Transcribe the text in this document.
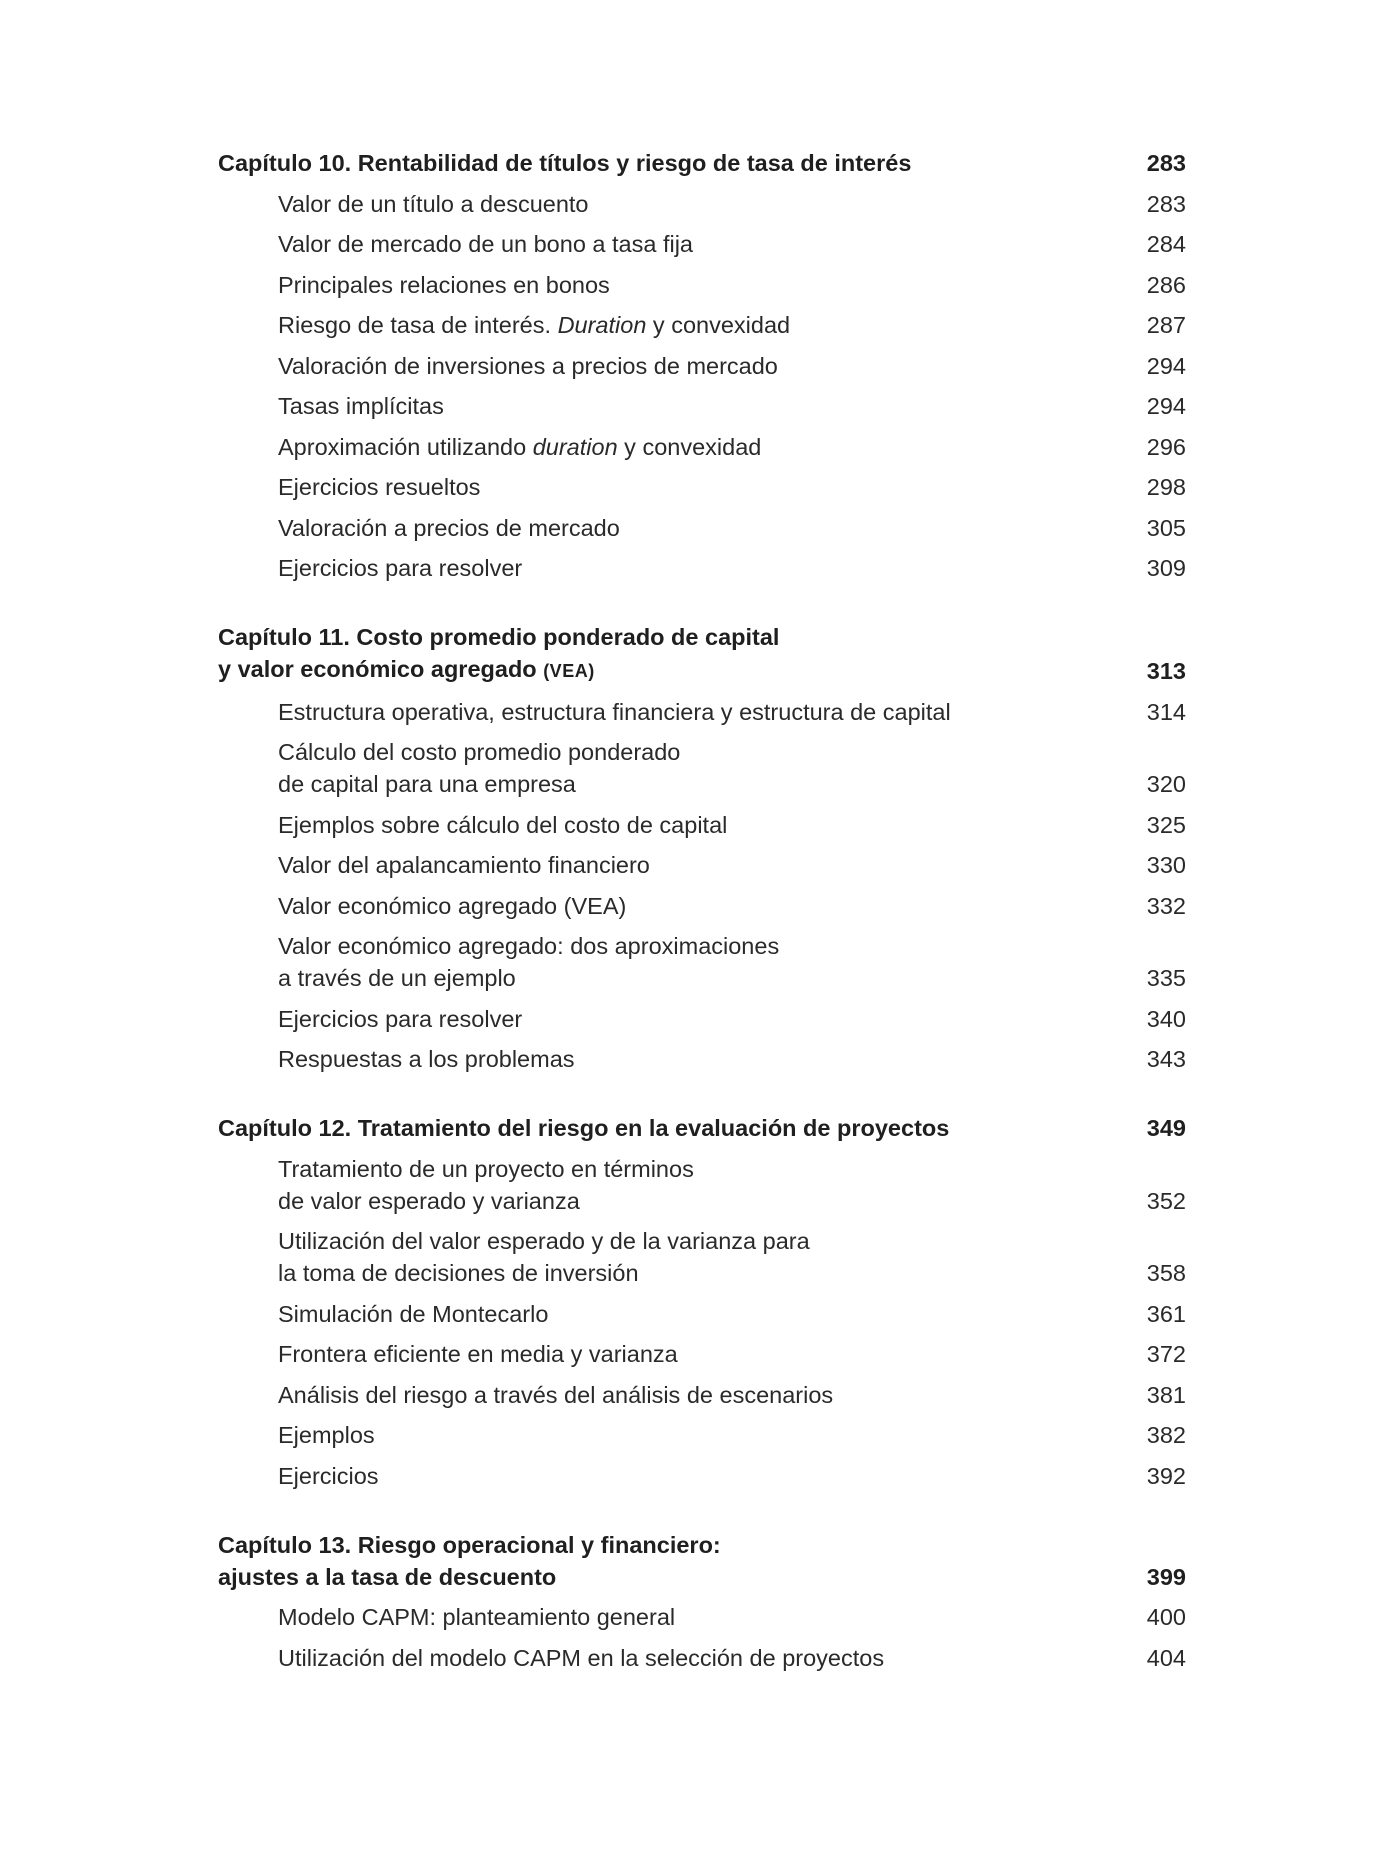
Capítulo 10. Rentabilidad de títulos y riesgo de tasa de interés	283
Valor de un título a descuento	283
Valor de mercado de un bono a tasa fija	284
Principales relaciones en bonos	286
Riesgo de tasa de interés. Duration y convexidad	287
Valoración de inversiones a precios de mercado	294
Tasas implícitas	294
Aproximación utilizando duration y convexidad	296
Ejercicios resueltos	298
Valoración a precios de mercado	305
Ejercicios para resolver	309
Capítulo 11. Costo promedio ponderado de capital
y valor económico agregado (VEA)	313
Estructura operativa, estructura financiera y estructura de capital	314
Cálculo del costo promedio ponderado
de capital para una empresa	320
Ejemplos sobre cálculo del costo de capital	325
Valor del apalancamiento financiero	330
Valor económico agregado (VEA)	332
Valor económico agregado: dos aproximaciones
a través de un ejemplo	335
Ejercicios para resolver	340
Respuestas a los problemas	343
Capítulo 12. Tratamiento del riesgo en la evaluación de proyectos	349
Tratamiento de un proyecto en términos
de valor esperado y varianza	352
Utilización del valor esperado y de la varianza para
la toma de decisiones de inversión	358
Simulación de Montecarlo	361
Frontera eficiente en media y varianza	372
Análisis del riesgo a través del análisis de escenarios	381
Ejemplos	382
Ejercicios	392
Capítulo 13. Riesgo operacional y financiero:
ajustes a la tasa de descuento	399
Modelo CAPM: planteamiento general	400
Utilización del modelo CAPM en la selección de proyectos	404
